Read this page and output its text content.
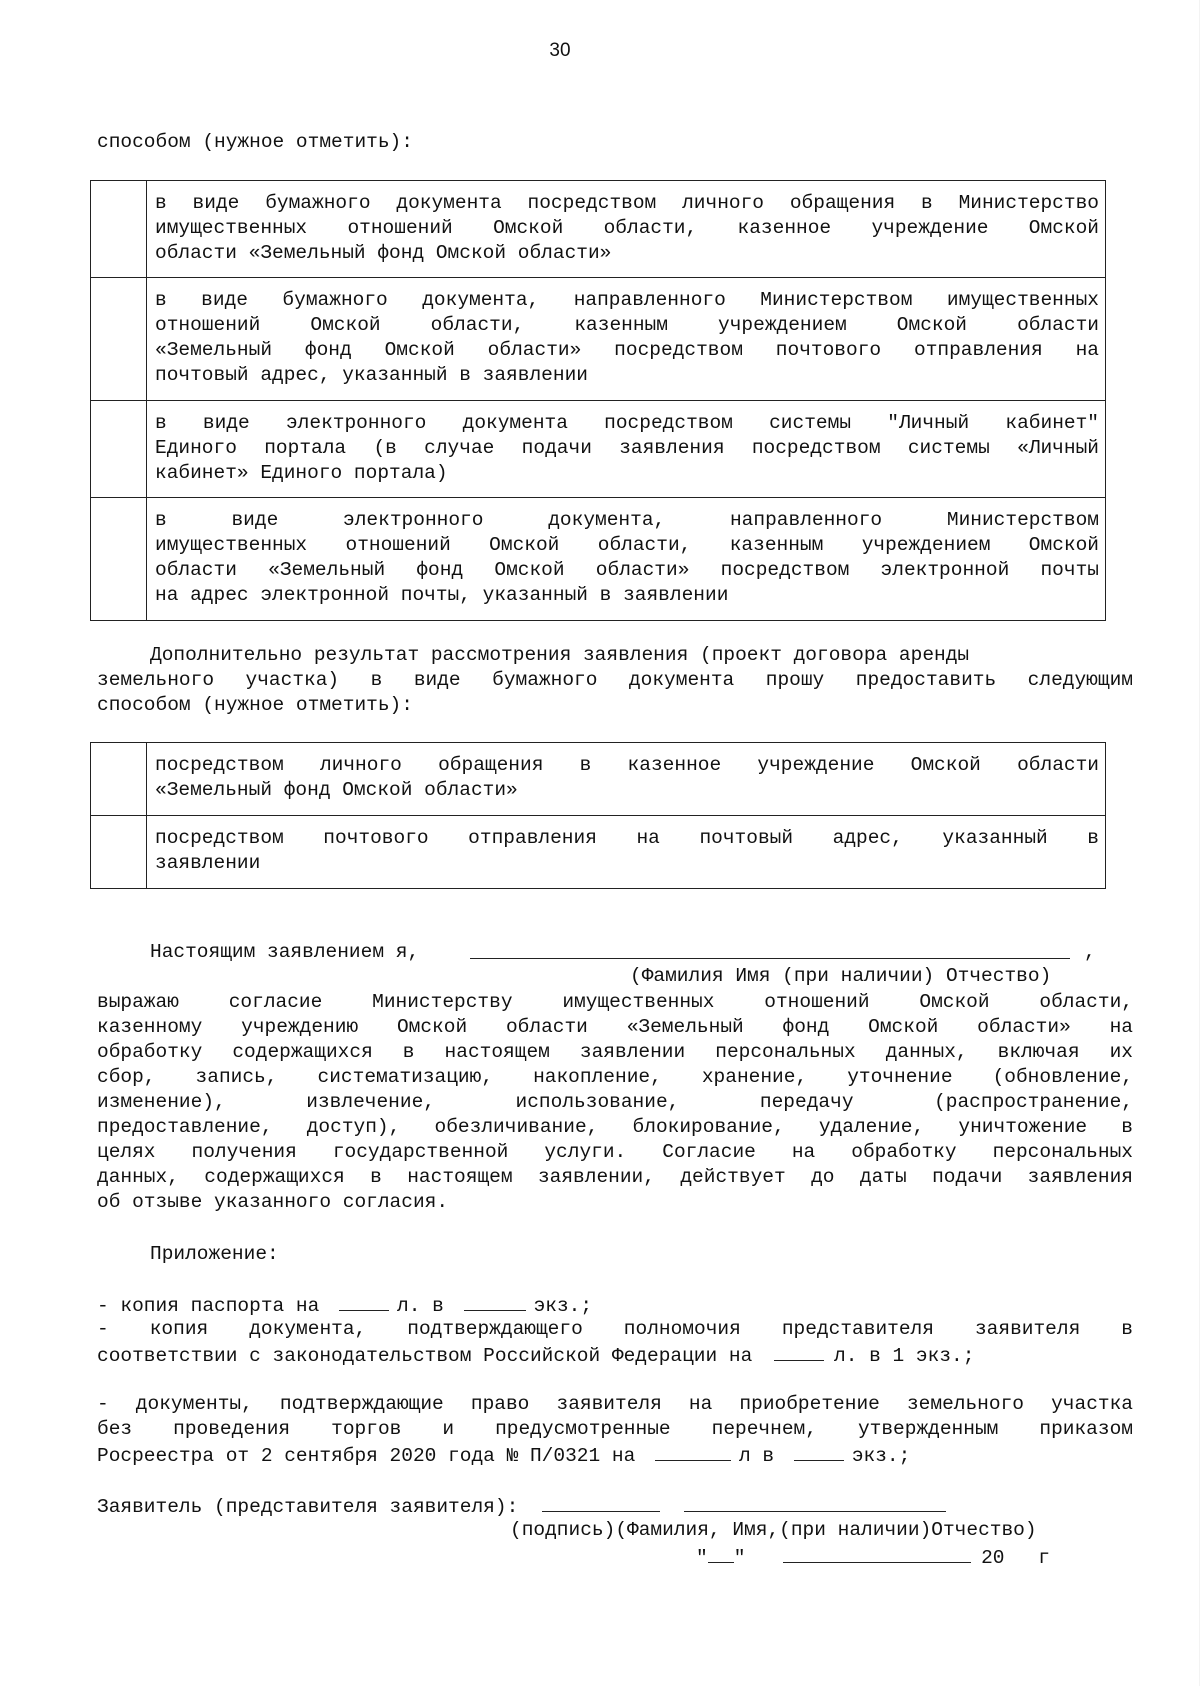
30
способом (нужное отметить):
в виде бумажного документа посредством личного обращения в Министерство
имущественных отношений Омской области, казенное учреждение Омской
области «Земельный фонд Омской области»
в виде бумажного документа, направленного Министерством имущественных
отношений Омской области, казенным учреждением Омской области
«Земельный фонд Омской области» посредством почтового отправления на
почтовый адрес, указанный в заявлении
в виде электронного документа посредством системы "Личный кабинет"
Единого портала (в случае подачи заявления посредством системы «Личный
кабинет» Единого портала)
в виде электронного документа, направленного Министерством
имущественных отношений Омской области, казенным учреждением Омской
области «Земельный фонд Омской области» посредством электронной почты
на адрес электронной почты, указанный в заявлении
Дополнительно результат рассмотрения заявления (проект договора аренды
земельного участка) в виде бумажного документа прошу предоставить следующим
способом (нужное отметить):
посредством личного обращения в казенное учреждение Омской области
«Земельный фонд Омской области»
посредством почтового отправления на почтовый адрес, указанный в
заявлении
Настоящим заявлением я,	,
(Фамилия Имя (при наличии) Отчество)
выражаю согласие Министерству имущественных отношений Омской области,
казенному учреждению Омской области «Земельный фонд Омской области» на
обработку содержащихся в настоящем заявлении персональных данных, включая их
сбор, запись, систематизацию, накопление, хранение, уточнение (обновление,
изменение), извлечение, использование, передачу (распространение,
предоставление, доступ), обезличивание, блокирование, удаление, уничтожение в
целях получения государственной услуги. Согласие на обработку персональных
данных, содержащихся в настоящем заявлении, действует до даты подачи заявления
об отзыве указанного согласия.
Приложение:
- копия паспорта на	л. в	экз.;
- копия документа, подтверждающего полномочия представителя заявителя в
соответствии с законодательством Российской Федерации на	л. в 1 экз.;
- документы, подтверждающие право заявителя на приобретение земельного участка
без проведения торгов и предусмотренные перечнем, утвержденным приказом
Росреестра от 2 сентября 2020 года № П/0321 на	л в	экз.;
Заявитель (представителя заявителя):
(подпись)(Фамилия, Имя,(при наличии)Отчество)
" "	20 г
